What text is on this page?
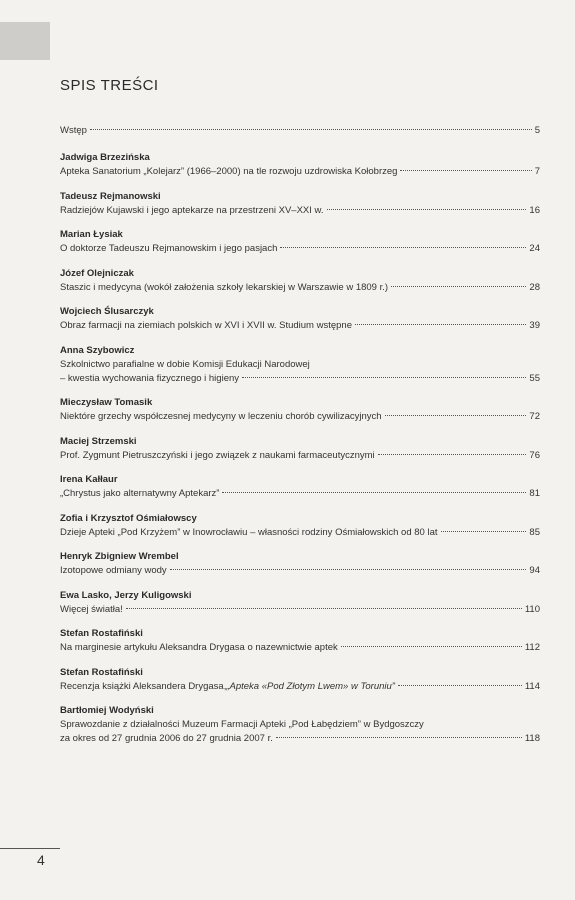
SPIS TREŚCI
Wstęp	5
Jadwiga Brzezińska
Apteka Sanatorium „Kolejarz” (1966–2000) na tle rozwoju uzdrowiska Kołobrzeg	7
Tadeusz Rejmanowski
Radziejów Kujawski i jego aptekarze na przestrzeni XV–XXI w.	16
Marian Łysiak
O doktorze Tadeuszu Rejmanowskim i jego pasjach	24
Józef Olejniczak
Staszic i medycyna (wokół założenia szkoły lekarskiej w Warszawie w 1809 r.)	28
Wojciech Ślusarczyk
Obraz farmacji na ziemiach polskich w XVI i XVII w. Studium wstępne	39
Anna Szybowicz
Szkolnictwo parafialne w dobie Komisji Edukacji Narodowej
– kwestia wychowania fizycznego i higieny	55
Mieczysław Tomasik
Niektóre grzechy współczesnej medycyny w leczeniu chorób cywilizacyjnych	72
Maciej Strzemski
Prof. Zygmunt Pietruszczyński i jego związek z naukami farmaceutycznymi	76
Irena Kałłaur
„Chrystus jako alternatywny Aptekarz”	81
Zofia i Krzysztof Ośmiałowscy
Dzieje Apteki „Pod Krzyżem” w Inowrocławiu – własności rodziny Ośmiałowskich od 80 lat	85
Henryk Zbigniew Wrembel
Izotopowe odmiany wody	94
Ewa Lasko, Jerzy Kuligowski
Więcej światła!	110
Stefan Rostafiński
Na marginesie artykułu Aleksandra Drygasa o nazewnictwie aptek	112
Stefan Rostafiński
Recenzja książki Aleksandera Drygasa, „Apteka «Pod Złotym Lwem» w Toruniu”	114
Bartłomiej Wodyński
Sprawozdanie z działalności Muzeum Farmacji Apteki „Pod Łabędziem” w Bydgoszczy
za okres od 27 grudnia 2006 do 27 grudnia 2007 r.	118
4
